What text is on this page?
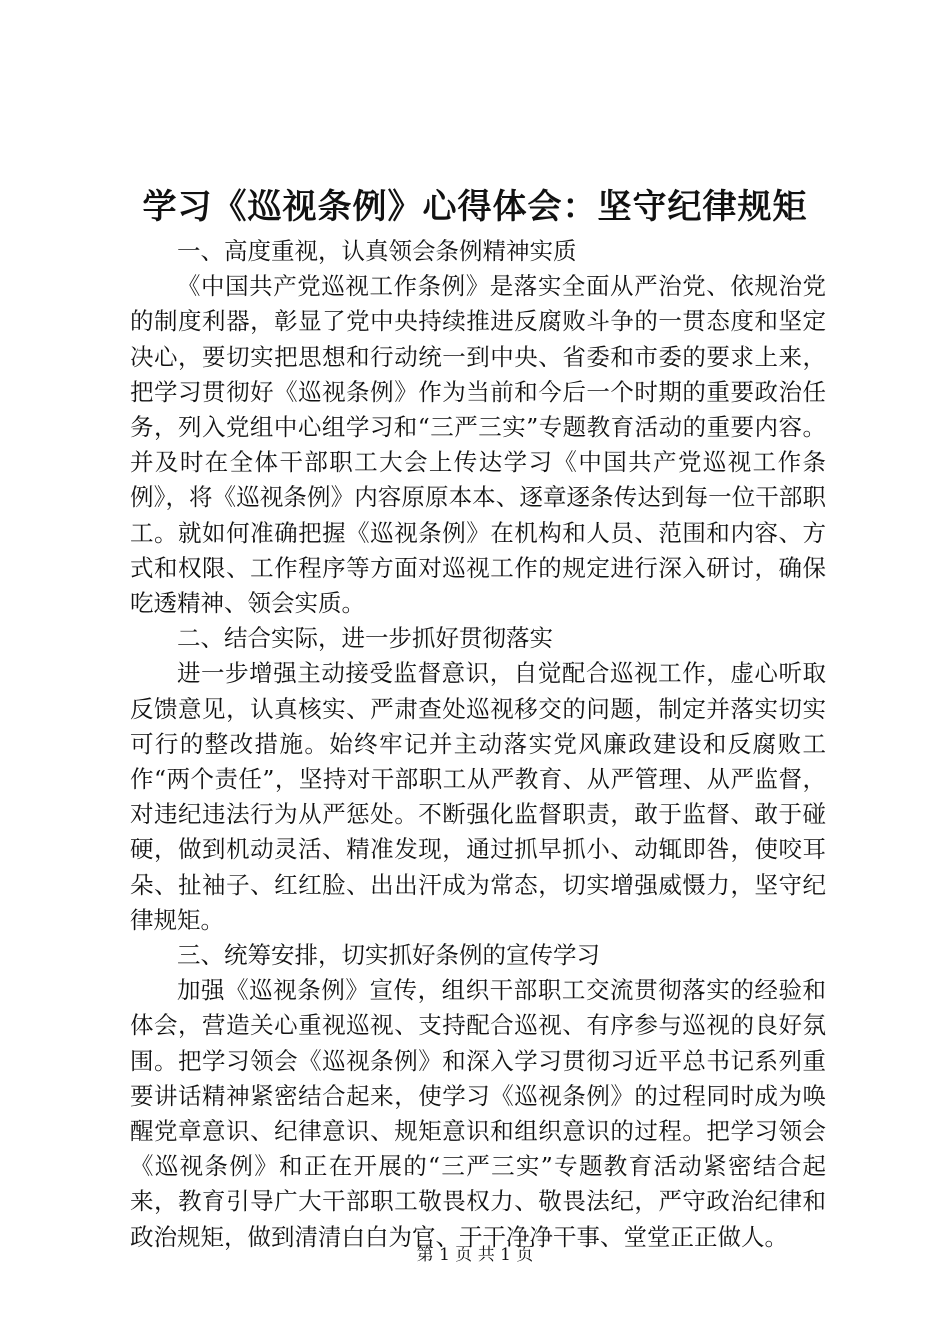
学习《巡视条例》心得体会：坚守纪律规矩

一、高度重视，认真领会条例精神实质

《中国共产党巡视工作条例》是落实全面从严治党、依规治党的制度利器，彰显了党中央持续推进反腐败斗争的一贯态度和坚定决心，要切实把思想和行动统一到中央、省委和市委的要求上来，把学习贯彻好《巡视条例》作为当前和今后一个时期的重要政治任务，列入党组中心组学习和“三严三实”专题教育活动的重要内容。并及时在全体干部职工大会上传达学习《中国共产党巡视工作条例》，将《巡视条例》内容原原本本、逐章逐条传达到每一位干部职工。就如何准确把握《巡视条例》在机构和人员、范围和内容、方式和权限、工作程序等方面对巡视工作的规定进行深入研讨，确保吃透精神、领会实质。

二、结合实际，进一步抓好贯彻落实

进一步增强主动接受监督意识，自觉配合巡视工作，虚心听取反馈意见，认真核实、严肃查处巡视移交的问题，制定并落实切实可行的整改措施。始终牢记并主动落实党风廉政建设和反腐败工作“两个责任”，坚持对干部职工从严教育、从严管理、从严监督，对违纪违法行为从严惩处。不断强化监督职责，敢于监督、敢于碰硬，做到机动灵活、精准发现，通过抓早抓小、动辄即咎，使咬耳朵、扯袖子、红红脸、出出汗成为常态，切实增强威慑力，坚守纪律规矩。

三、统筹安排，切实抓好条例的宣传学习

加强《巡视条例》宣传，组织干部职工交流贯彻落实的经验和体会，营造关心重视巡视、支持配合巡视、有序参与巡视的良好氛围。把学习领会《巡视条例》和深入学习贯彻习近平总书记系列重要讲话精神紧密结合起来，使学习《巡视条例》的过程同时成为唤醒党章意识、纪律意识、规矩意识和组织意识的过程。把学习领会《巡视条例》和正在开展的“三严三实”专题教育活动紧密结合起来，教育引导广大干部职工敬畏权力、敬畏法纪，严守政治纪律和政治规矩，做到清清白白为官、干干净净干事、堂堂正正做人。

第 1 页 共 1 页
